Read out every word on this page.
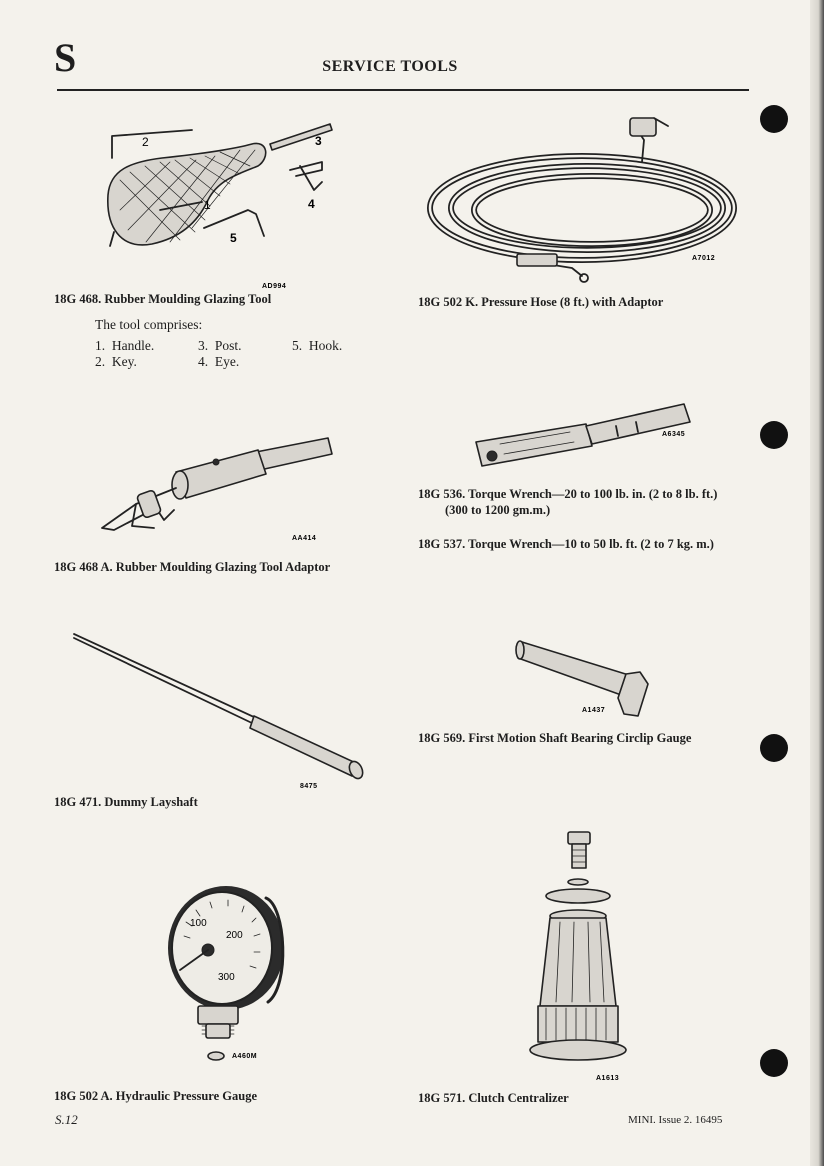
S	SERVICE TOOLS
AD994
2	3
4
1
5
18G 468. Rubber Moulding Glazing Tool
The tool comprises:
1. Handle.
2. Key.
3. Post.
4. Eye.
5. Hook.
A7012
18G 502 K. Pressure Hose (8 ft.) with Adaptor
AA414
18G 468 A. Rubber Moulding Glazing Tool Adaptor
A6345
18G 536. Torque Wrench—20 to 100 lb. in. (2 to 8 lb. ft.)
(300 to 1200 gm.m.)
18G 537. Torque Wrench—10 to 50 lb. ft. (2 to 7 kg. m.)
8475
18G 471. Dummy Layshaft
A1437
18G 569. First Motion Shaft Bearing Circlip Gauge
100
200
300
A460M
18G 502 A. Hydraulic Pressure Gauge
A1613
18G 571. Clutch Centralizer
S.12	MINI. Issue 2. 16495
